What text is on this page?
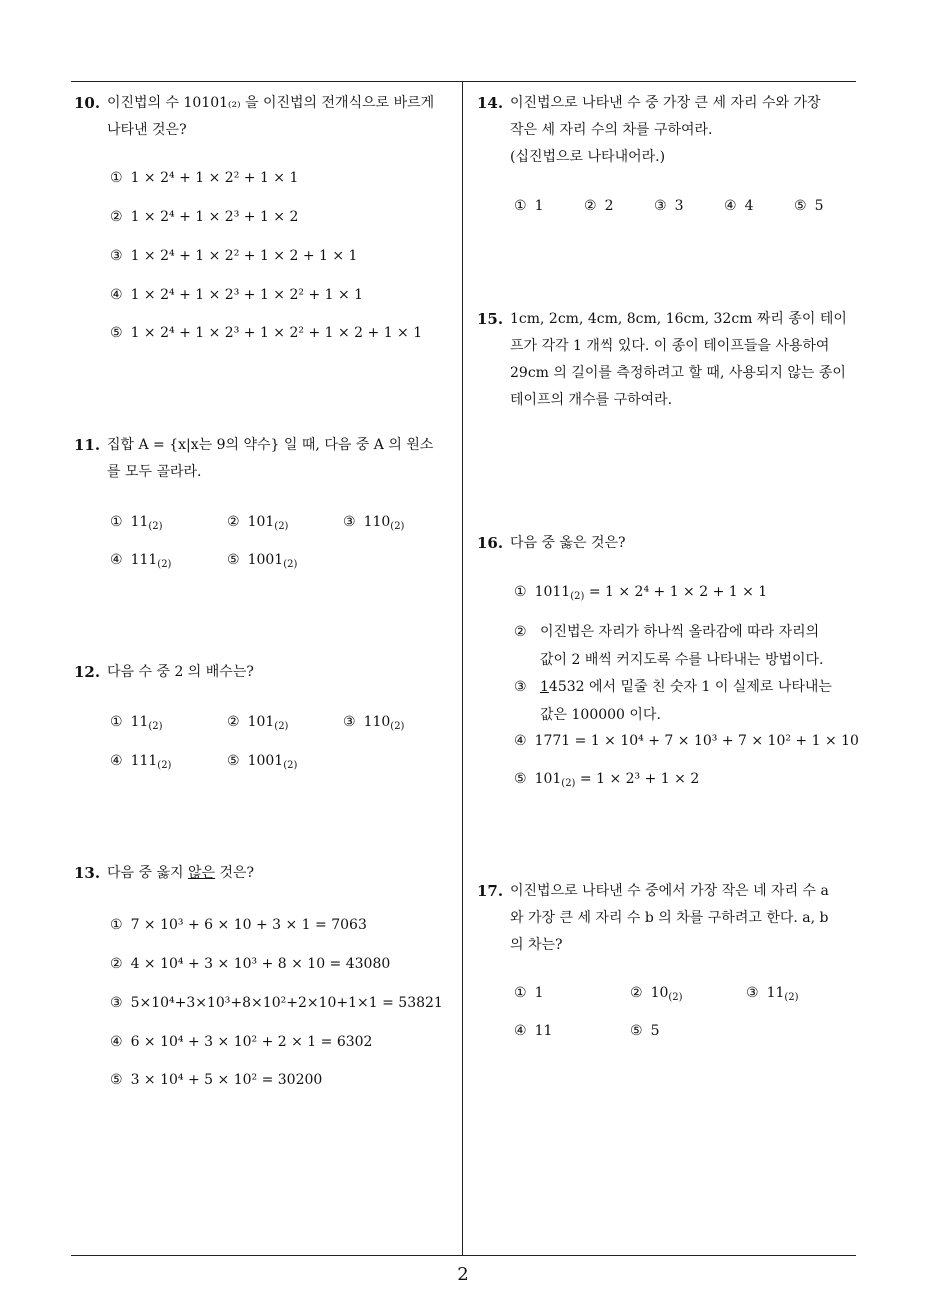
2
10. 이진법의 수 10101₍₂₎ 을 이진법의 전개식으로 바르게
나타낸 것은?
① 1 × 2⁴ + 1 × 2² + 1 × 1
② 1 × 2⁴ + 1 × 2³ + 1 × 2
③ 1 × 2⁴ + 1 × 2² + 1 × 2 + 1 × 1
④ 1 × 2⁴ + 1 × 2³ + 1 × 2² + 1 × 1
⑤ 1 × 2⁴ + 1 × 2³ + 1 × 2² + 1 × 2 + 1 × 1
11. 집합 A = {x|x는 9의 약수} 일 때, 다음 중 A 의 원소
를 모두 골라라.
① $11_{(2)}$	② $101_{(2)}$	③ $110_{(2)}$
④ $111_{(2)}$	⑤ $1001_{(2)}$
12. 다음 수 중 2 의 배수는?
① $11_{(2)}$	② $101_{(2)}$	③ $110_{(2)}$
④ $111_{(2)}$	⑤ $1001_{(2)}$
13. 다음 중 옳지 않은 것은?
① 7 × 10³ + 6 × 10 + 3 × 1 = 7063
② 4 × 10⁴ + 3 × 10³ + 8 × 10 = 43080
③ 5×10⁴+3×10³+8×10²+2×10+1×1 = 53821
④ 6 × 10⁴ + 3 × 10² + 2 × 1 = 6302
⑤ 3 × 10⁴ + 5 × 10² = 30200
14. 이진법으로 나타낸 수 중 가장 큰 세 자리 수와 가장
작은 세 자리 수의 차를 구하여라.
(십진법으로 나타내어라.)
① 1	② 2	③ 3	④ 4	⑤ 5
15. 1cm, 2cm, 4cm, 8cm, 16cm, 32cm 짜리 종이 테이
프가 각각 1 개씩 있다. 이 종이 테이프들을 사용하여
29cm 의 길이를 측정하려고 할 때, 사용되지 않는 종이
테이프의 개수를 구하여라.
16. 다음 중 옳은 것은?
① $1011_{(2)} = 1 \times 2^4 + 1 \times 2 + 1 \times 1$
② 이진법은 자리가 하나씩 올라감에 따라 자리의
값이 2 배씩 커지도록 수를 나타내는 방법이다.
③ 14532 에서 밑줄 친 숫자 1 이 실제로 나타내는
값은 100000 이다.
④ 1771 = 1 × 10⁴ + 7 × 10³ + 7 × 10² + 1 × 10
⑤ $101_{(2)} = 1 \times 2^3 + 1 \times 2$
17. 이진법으로 나타낸 수 중에서 가장 작은 네 자리 수 a
와 가장 큰 세 자리 수 b 의 차를 구하려고 한다. a, b
의 차는?
① 1	② $10_{(2)}$	③ $11_{(2)}$
④ 11	⑤ 5
